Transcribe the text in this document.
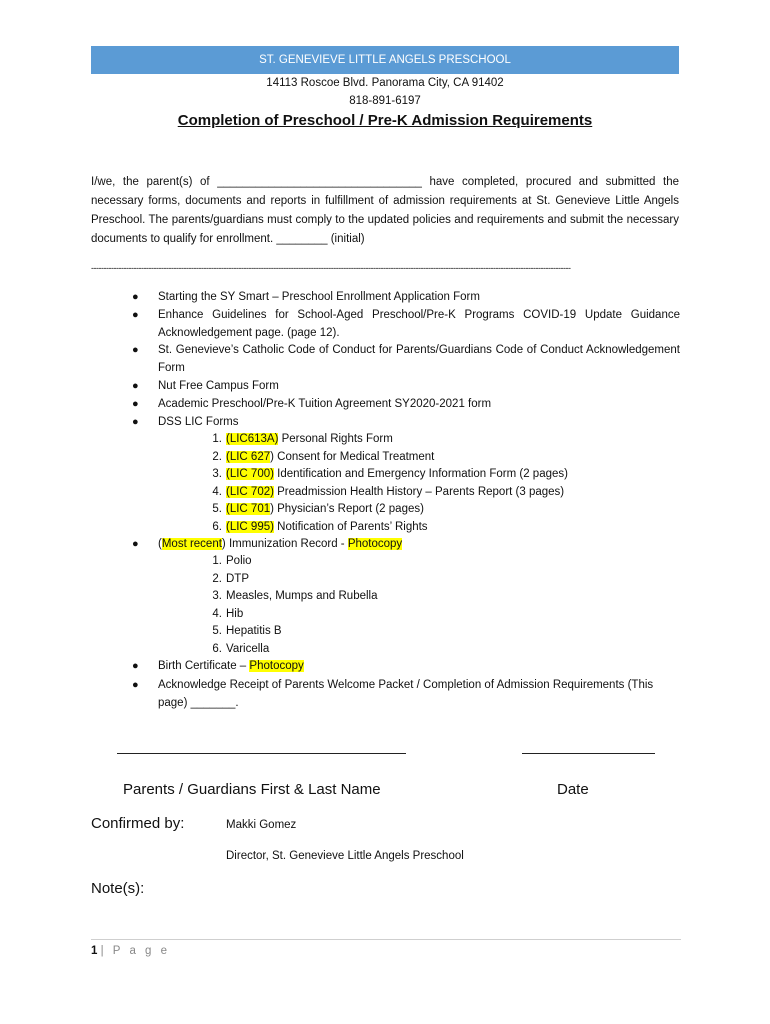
ST. GENEVIEVE LITTLE ANGELS PRESCHOOL
14113 Roscoe Blvd. Panorama City, CA 91402
818-891-6197
Completion of Preschool / Pre-K Admission Requirements

I/we, the parent(s) of ________________________________ have completed, procured and submitted the necessary forms, documents and reports in fulfillment of admission requirements at St. Genevieve Little Angels Preschool. The parents/guardians must comply to the updated policies and requirements and submit the necessary documents to qualify for enrollment. ________ (initial)

------------------------------------------------------------------------------------------------------------------------------------------------------------------------------------------------
● Starting the SY Smart – Preschool Enrollment Application Form

● Enhance Guidelines for School-Aged Preschool/Pre-K Programs COVID-19 Update Guidance Acknowledgement page. (page 12).

● St. Genevieve’s Catholic Code of Conduct for Parents/Guardians Code of Conduct Acknowledgement Form

● Nut Free Campus Form

● Academic Preschool/Pre-K Tuition Agreement SY2020-2021 form

● DSS LIC Forms

1. (LIC613A) Personal Rights Form
2. (LIC 627) Consent for Medical Treatment
3. (LIC 700) Identification and Emergency Information Form (2 pages)
4. (LIC 702) Preadmission Health History – Parents Report (3 pages)
5. (LIC 701) Physician’s Report (2 pages)
6. (LIC 995) Notification of Parents’ Rights
● (Most recent) Immunization Record - Photocopy

1. Polio
2. DTP
3. Measles, Mumps and Rubella
4. Hib
5. Hepatitis B
6. Varicella
● Birth Certificate – Photocopy

● Acknowledge Receipt of Parents Welcome Packet / Completion of Admission Requirements (This page) _______.

Parents / Guardians First & Last Name	Date
Confirmed by:	Makki Gomez
Director, St. Genevieve Little Angels Preschool
Note(s):
1 | P a g e
